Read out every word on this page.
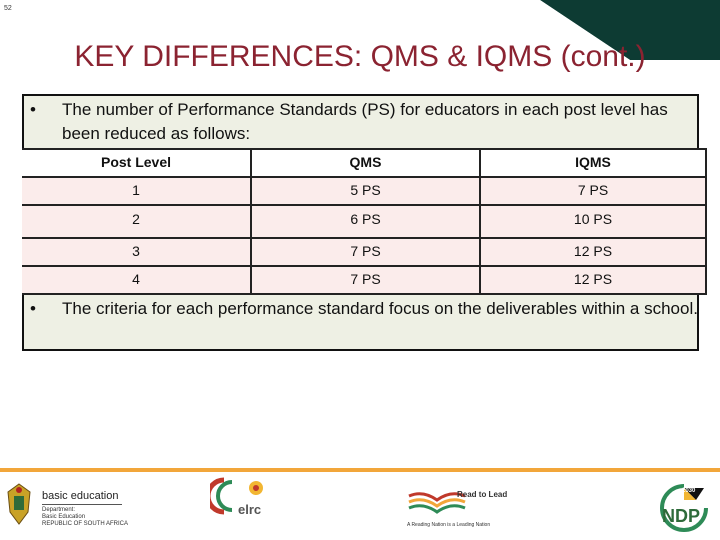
52
KEY DIFFERENCES: QMS & IQMS (cont.)
• The number of Performance Standards (PS) for educators in each post level has been reduced as follows:
Post Level	QMS	IQMS
1	5 PS	7 PS
2	6 PS	10 PS
3	7 PS	12 PS
4	7 PS	12 PS
• The criteria for each performance standard focus on the deliverables within a school.
basic education
Department:
Basic Education
REPUBLIC OF SOUTH AFRICA
elrc
Read to Lead
A Reading Nation is a Leading Nation
2030
NDP
